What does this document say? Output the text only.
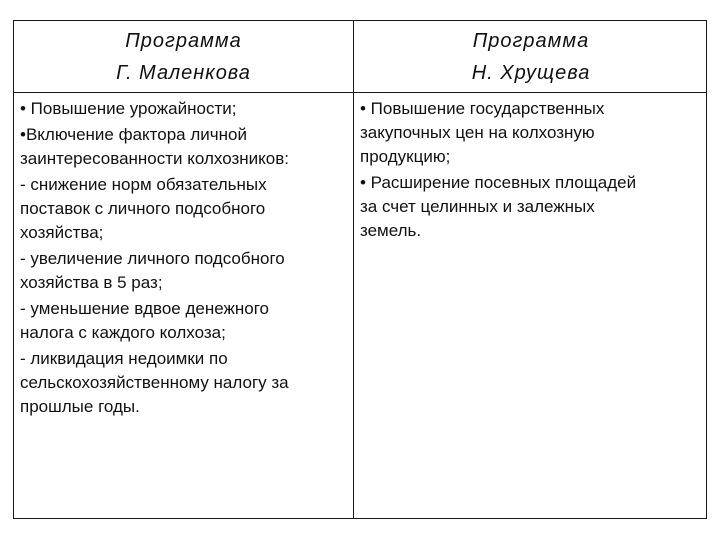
Программа
Г. Маленкова
Программа
Н. Хрущева
• Повышение урожайности;
•Включение фактора личной
заинтересованности колхозников:
- снижение норм обязательных
поставок с личного подсобного
хозяйства;
- увеличение личного подсобного
хозяйства в 5 раз;
- уменьшение вдвое денежного
налога с каждого колхоза;
- ликвидация недоимки по
сельскохозяйственному налогу за
прошлые годы.
• Повышение государственных
закупочных цен на колхозную
продукцию;
• Расширение посевных площадей
за счет целинных и залежных
земель.
